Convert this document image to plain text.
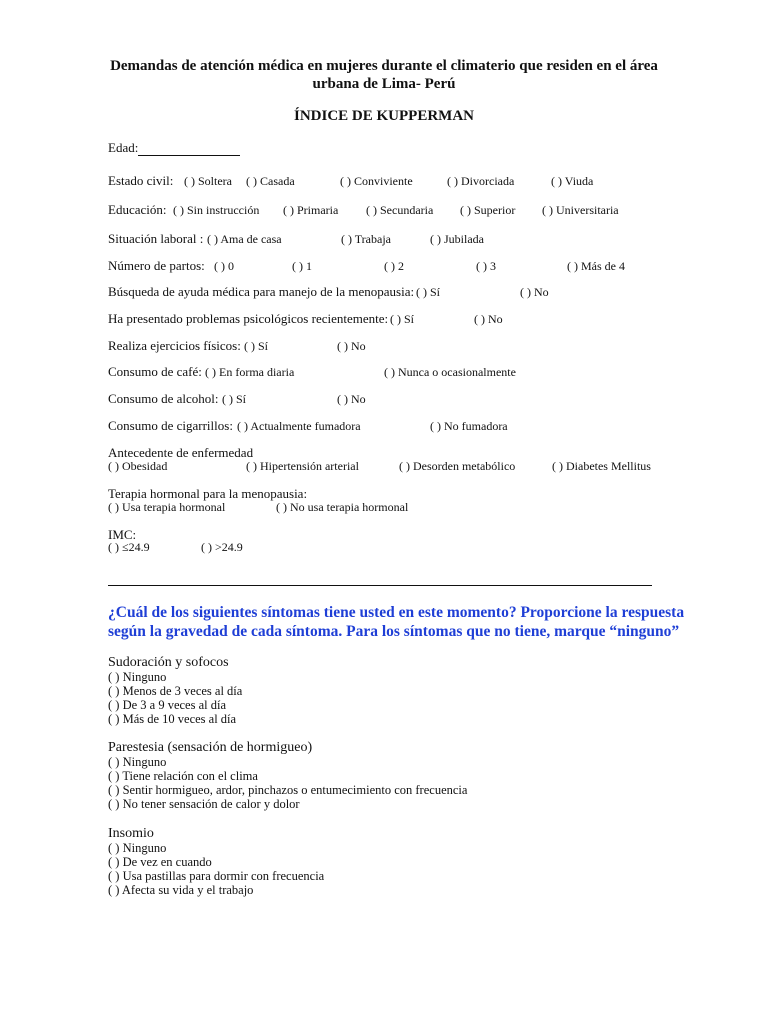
Demandas de atención médica en mujeres durante el climaterio que residen en el área
urbana de Lima- Perú
ÍNDICE DE KUPPERMAN
Edad:
Estado civil: ( ) Soltera ( ) Casada	( ) Conviviente	( ) Divorciada	( ) Viuda
Educación: ( ) Sin instrucción ( ) Primaria ( ) Secundaria ( ) Superior ( ) Universitaria
Situación laboral : ( ) Ama de casa	( ) Trabaja	( ) Jubilada
Número de partos: ( ) 0	( ) 1	( ) 2	( ) 3	( ) Más de 4
Búsqueda de ayuda médica para manejo de la menopausia: ( ) Sí	( ) No
Ha presentado problemas psicológicos recientemente: ( ) Sí	( ) No
Realiza ejercicios físicos: ( ) Sí	( ) No
Consumo de café: ( ) En forma diaria	( ) Nunca o ocasionalmente
Consumo de alcohol: ( ) Sí	( ) No
Consumo de cigarrillos: ( ) Actualmente fumadora	( ) No fumadora
Antecedente de enfermedad
( ) Obesidad	( ) Hipertensión arterial	( ) Desorden metabólico	( ) Diabetes Mellitus
Terapia hormonal para la menopausia:
( ) Usa terapia hormonal	( ) No usa terapia hormonal
IMC:
( ) ≤24.9	( ) >24.9
¿Cuál de los siguientes síntomas tiene usted en este momento? Proporcione la respuesta según la gravedad de cada síntoma. Para los síntomas que no tiene, marque “ninguno”
Sudoración y sofocos
( ) Ninguno
( ) Menos de 3 veces al día
( ) De 3 a 9 veces al día
( ) Más de 10 veces al día
Parestesia (sensación de hormigueo)
( ) Ninguno
( ) Tiene relación con el clima
( ) Sentir hormigueo, ardor, pinchazos o entumecimiento con frecuencia
( ) No tener sensación de calor y dolor
Insomio
( ) Ninguno
( ) De vez en cuando
( ) Usa pastillas para dormir con frecuencia
( ) Afecta su vida y el trabajo
